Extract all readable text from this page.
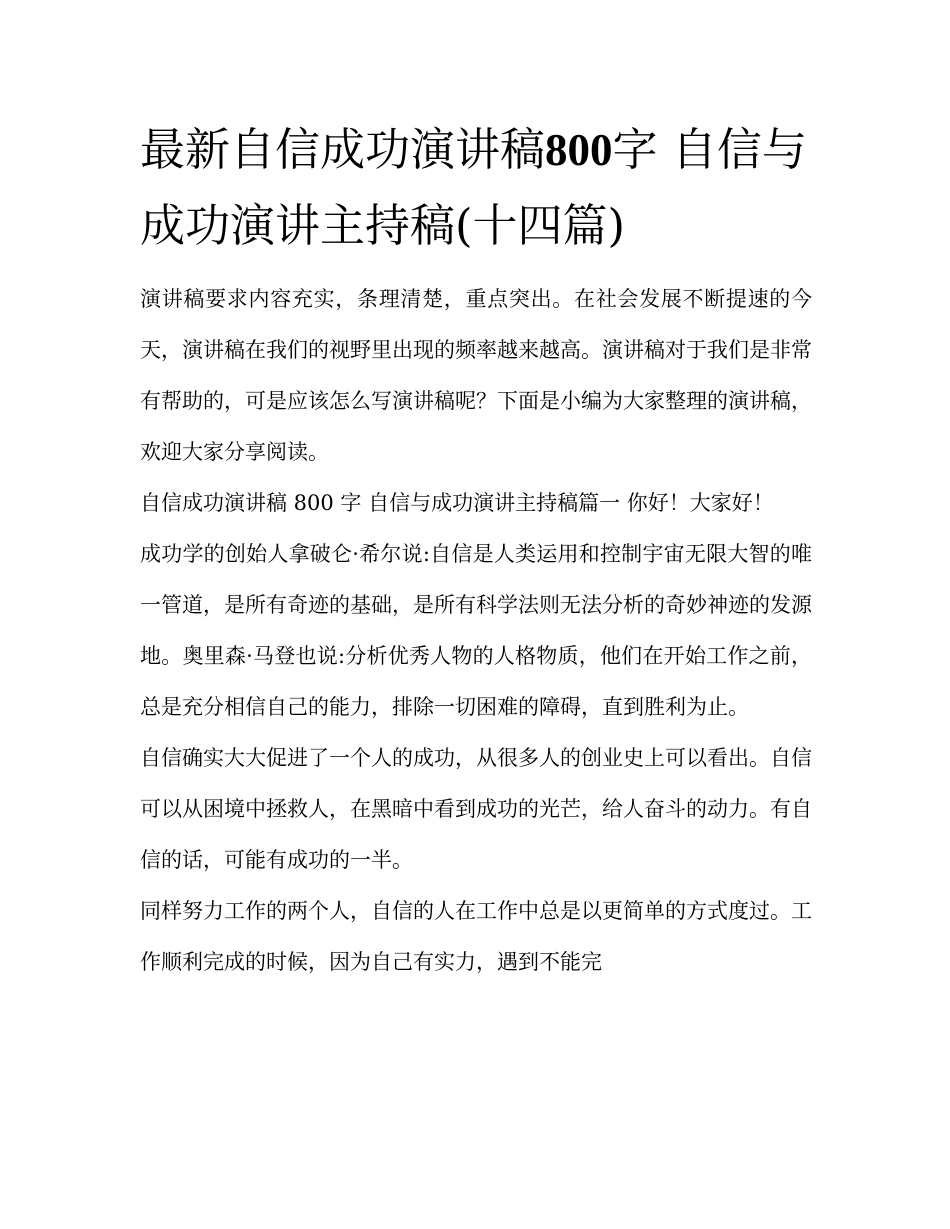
最新自信成功演讲稿800字 自信与成功演讲主持稿(十四篇)

演讲稿要求内容充实，条理清楚，重点突出。在社会发展不断提速的今天，演讲稿在我们的视野里出现的频率越来越高。演讲稿对于我们是非常有帮助的，可是应该怎么写演讲稿呢？下面是小编为大家整理的演讲稿，欢迎大家分享阅读。

自信成功演讲稿 800 字 自信与成功演讲主持稿篇一 你好！大家好！

成功学的创始人拿破仑·希尔说:自信是人类运用和控制宇宙无限大智的唯一管道，是所有奇迹的基础，是所有科学法则无法分析的奇妙神迹的发源地。奥里森·马登也说:分析优秀人物的人格物质，他们在开始工作之前，总是充分相信自己的能力，排除一切困难的障碍，直到胜利为止。

自信确实大大促进了一个人的成功，从很多人的创业史上可以看出。自信可以从困境中拯救人，在黑暗中看到成功的光芒，给人奋斗的动力。有自信的话，可能有成功的一半。

同样努力工作的两个人，自信的人在工作中总是以更简单的方式度过。工作顺利完成的时候，因为自己有实力，遇到不能完
